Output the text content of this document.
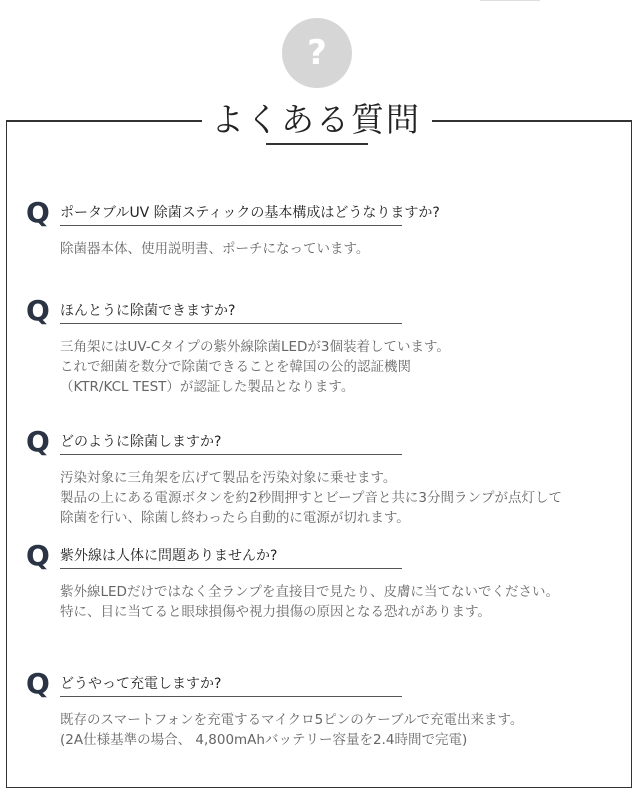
?
よくある質問
Q ポータブルUV 除菌スティックの基本構成はどうなりますか?
除菌器本体、使用説明書、ポーチになっています。
Q ほんとうに除菌できますか?
三角架にはUV-Cタイプの紫外線除菌LEDが3個装着しています。
これで細菌を数分で除菌できることを韓国の公的認証機関
（KTR/KCL TEST）が認証した製品となります。
Q どのように除菌しますか?
汚染対象に三角架を広げて製品を汚染対象に乗せます。
製品の上にある電源ボタンを約2秒間押すとビープ音と共に3分間ランプが点灯して
除菌を行い、除菌し終わったら自動的に電源が切れます。
Q 紫外線は人体に問題ありませんか?
紫外線LEDだけではなく全ランプを直接目で見たり、皮膚に当てないでください。
特に、目に当てると眼球損傷や視力損傷の原因となる恐れがあります。
Q どうやって充電しますか?
既存のスマートフォンを充電するマイクロ5ピンのケーブルで充電出来ます。
(2A仕様基準の場合、 4,800mAhバッテリー容量を2.4時間で完電)
